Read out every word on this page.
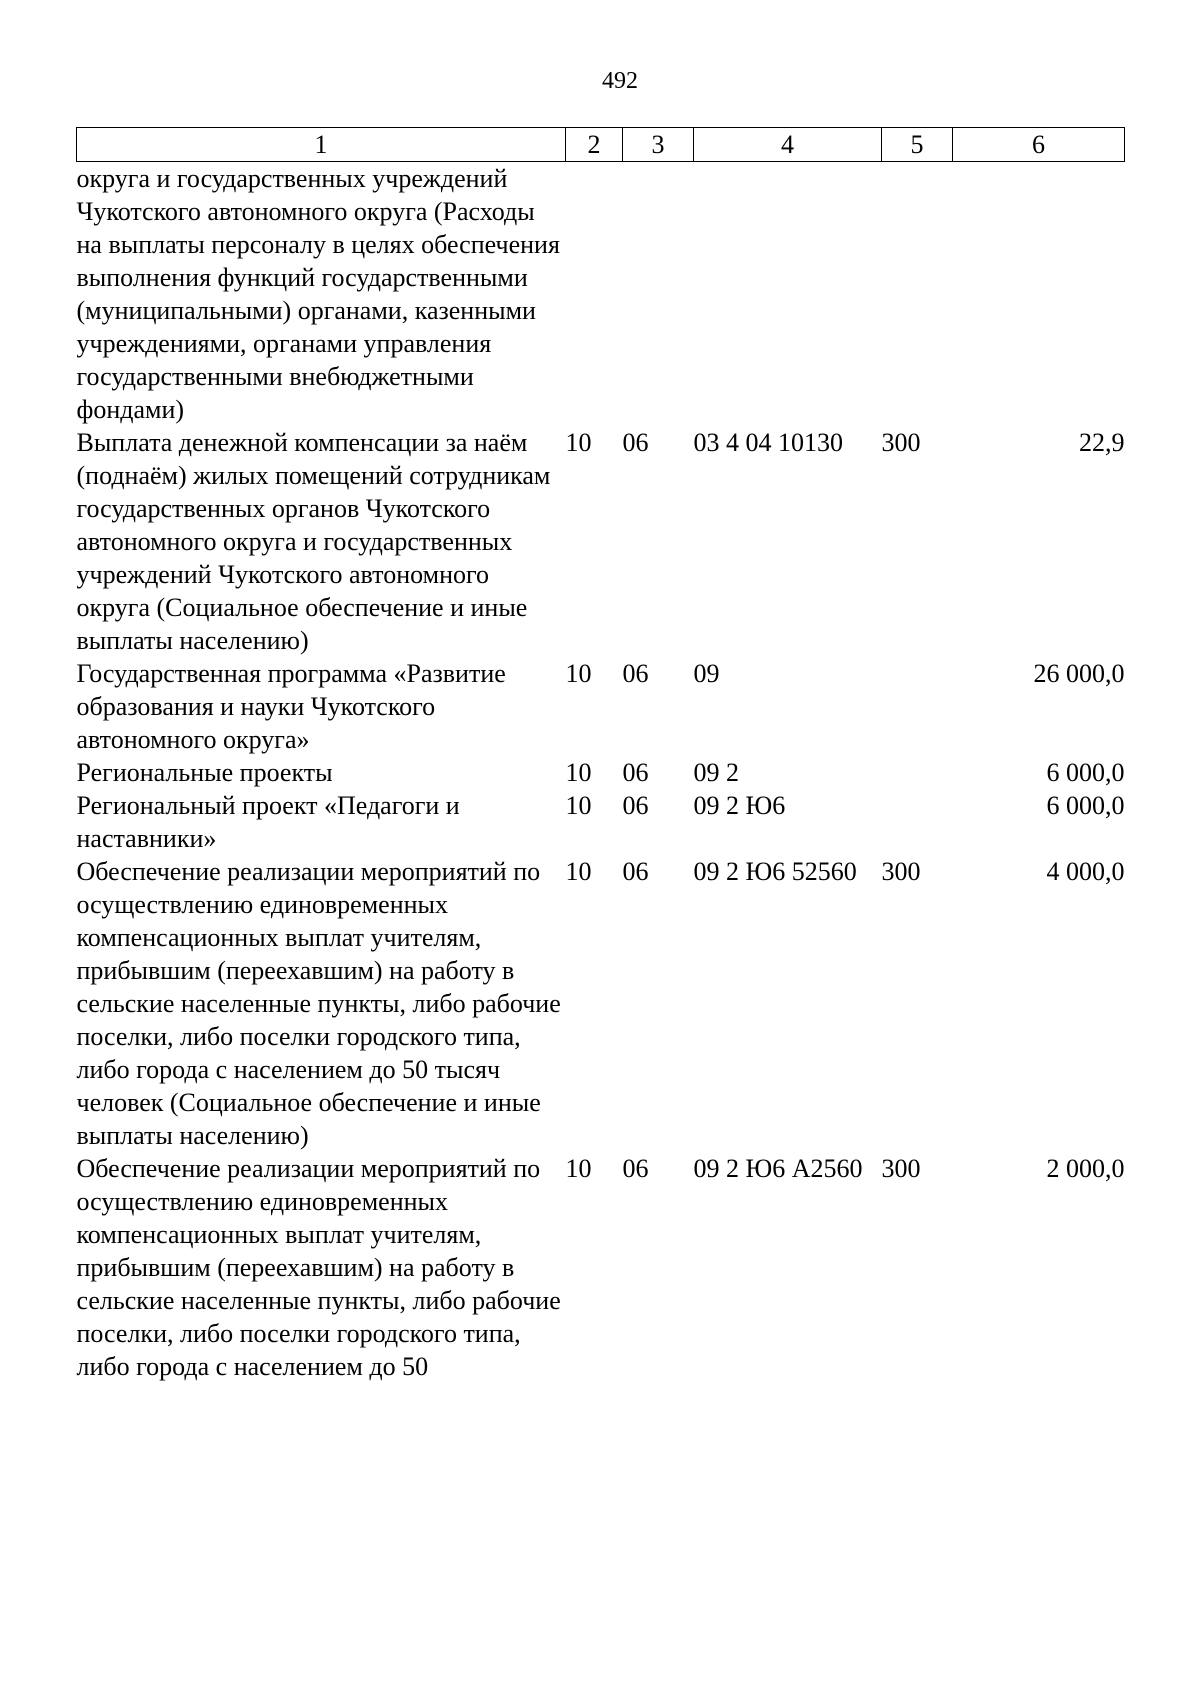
492
1	2	3	4	5	6
округа и государственных учреждений Чукотского автономного округа (Расходы на выплаты персоналу в целях обеспечения выполнения функций государственными (муниципальными) органами, казенными учреждениями, органами управления государственными внебюджетными фондами)					
Выплата денежной компенсации за наём (поднаём) жилых помещений сотрудникам государственных органов Чукотского автономного округа и государственных учреждений Чукотского автономного округа (Социальное обеспечение и иные выплаты населению)	10	06	03 4 04 10130	300	22,9
Государственная программа «Развитие образования и науки Чукотского автономного округа»	10	06	09		26 000,0
Региональные проекты	10	06	09 2		6 000,0
Региональный проект «Педагоги и наставники»	10	06	09 2 Ю6		6 000,0
Обеспечение реализации мероприятий по осуществлению единовременных компенсационных выплат учителям, прибывшим (переехавшим) на работу в сельские населенные пункты, либо рабочие поселки, либо поселки городского типа, либо города с населением до 50 тысяч человек (Социальное обеспечение и иные выплаты населению)	10	06	09 2 Ю6 52560	300	4 000,0
Обеспечение реализации мероприятий по осуществлению единовременных компенсационных выплат учителям, прибывшим (переехавшим) на работу в сельские населенные пункты, либо рабочие поселки, либо поселки городского типа, либо города с населением до 50	10	06	09 2 Ю6 А2560	300	2 000,0
